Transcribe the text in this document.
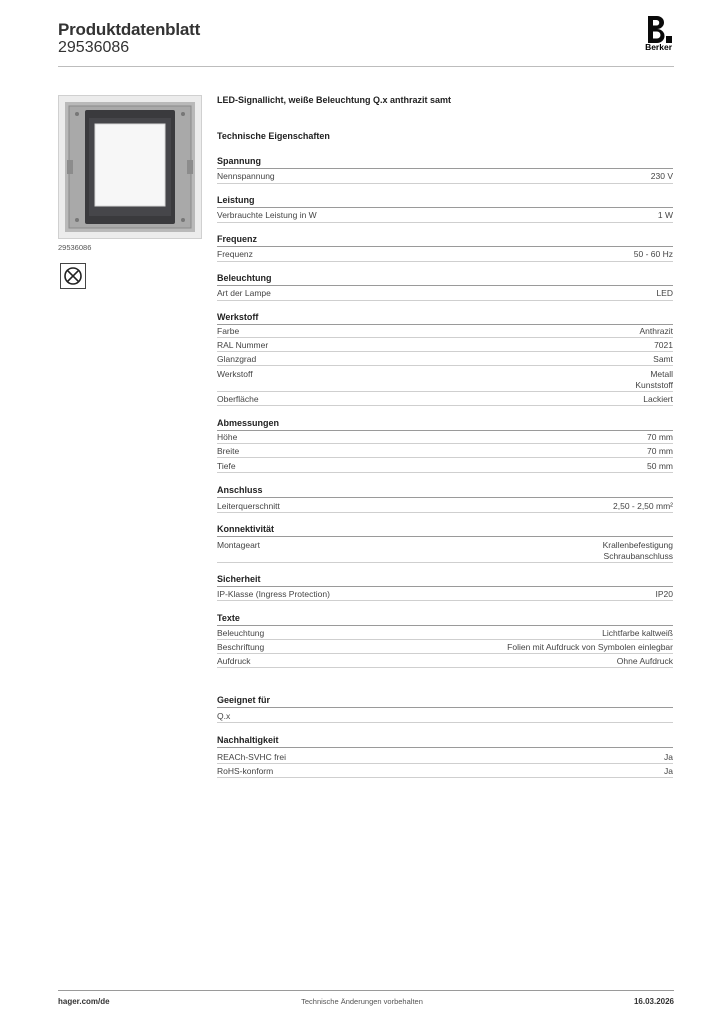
Produktdatenblatt
29536086	Berker
29536086
LED-Signallicht, weiße Beleuchtung Q.x anthrazit samt
Technische Eigenschaften
Spannung
Nennspannung	230 V
Leistung
Verbrauchte Leistung in W	1 W
Frequenz
Frequenz	50 - 60 Hz
Beleuchtung
Art der Lampe	LED
Werkstoff
Farbe	Anthrazit
RAL Nummer	7021
Glanzgrad	Samt
Werkstoff	Metall
Kunststoff
Oberfläche	Lackiert
Abmessungen
Höhe	70 mm
Breite	70 mm
Tiefe	50 mm
Anschluss
Leiterquerschnitt	2,50 - 2,50 mm²
Konnektivität
Montageart	Krallenbefestigung
Schraubanschluss
Sicherheit
IP-Klasse (Ingress Protection)	IP20
Texte
Beleuchtung	Lichtfarbe kaltweiß
Beschriftung	Folien mit Aufdruck von Symbolen einlegbar
Aufdruck	Ohne Aufdruck
Geeignet für
Q.x
Nachhaltigkeit
REACh-SVHC frei	Ja
RoHS-konform	Ja
hager.com/de	Technische Änderungen vorbehalten	16.03.2026
